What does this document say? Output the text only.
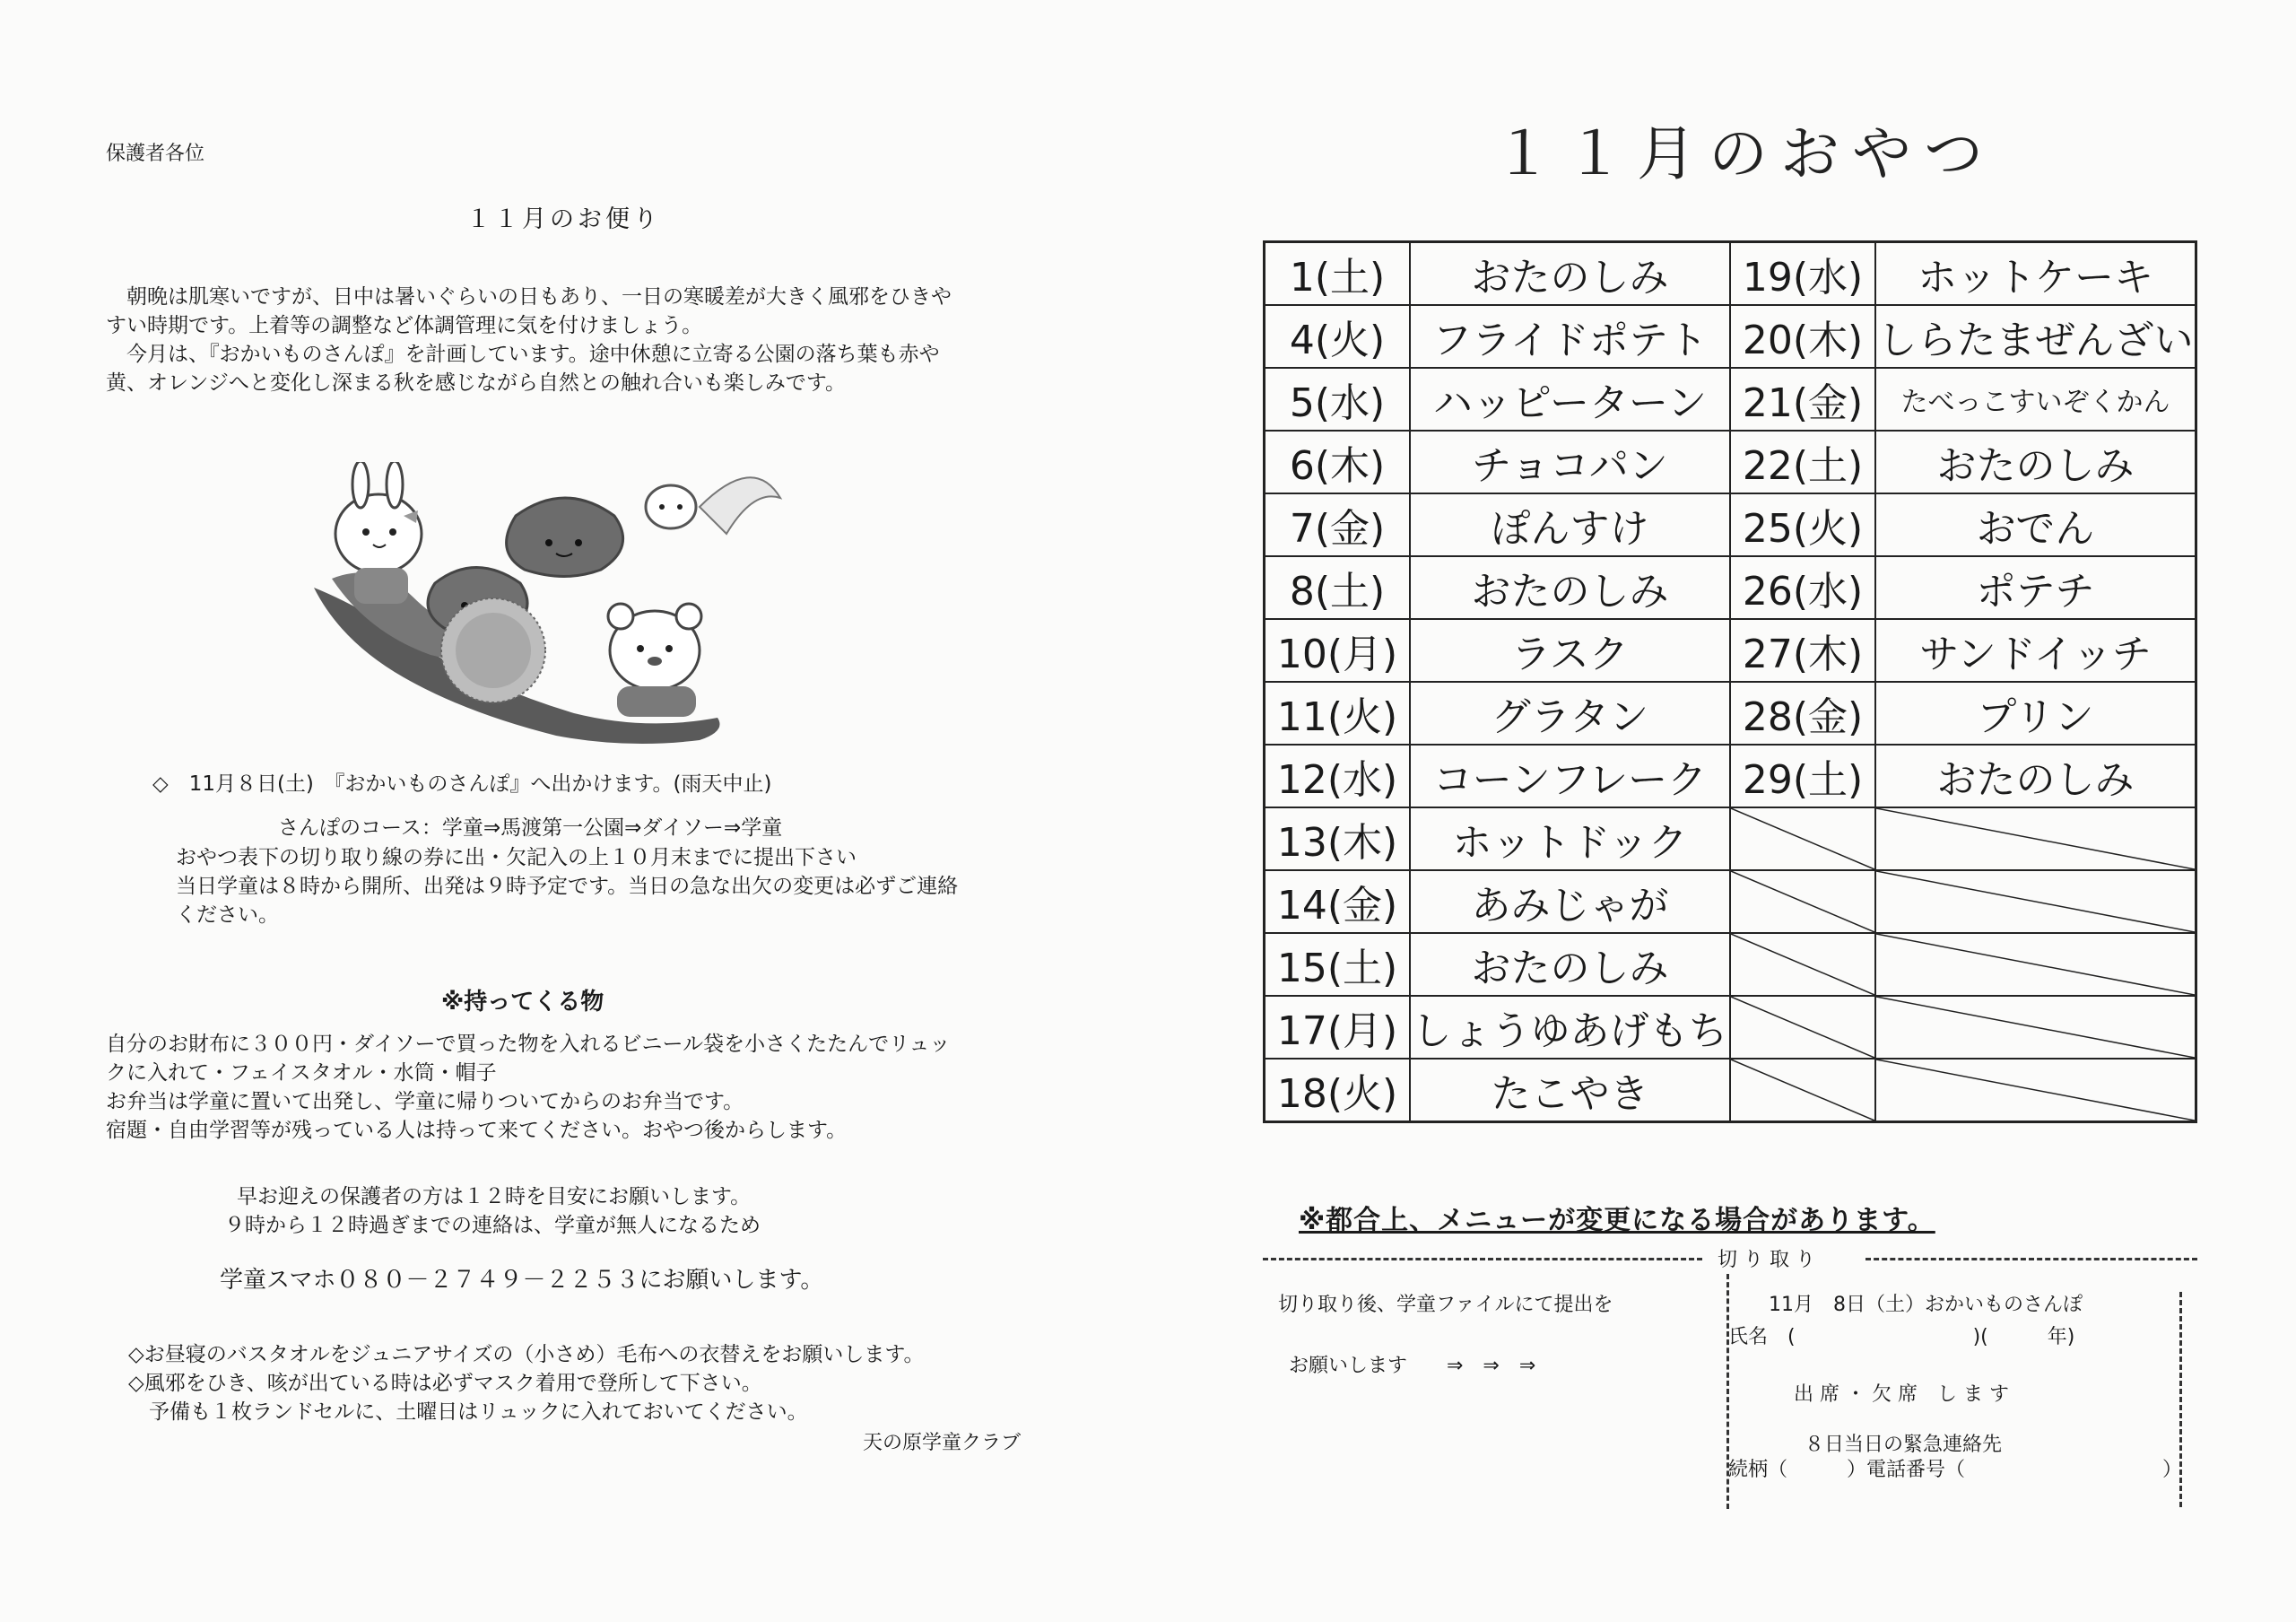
保護者各位
１１月のお便り
　朝晩は肌寒いですが、日中は暑いぐらいの日もあり、一日の寒暖差が大きく風邪をひきや
すい時期です。上着等の調整など体調管理に気を付けましょう。
　今月は、『おかいものさんぽ』を計画しています。途中休憩に立寄る公園の落ち葉も赤や
黄、オレンジへと変化し深まる秋を感じながら自然との触れ合いも楽しみです。
◇　11月８日(土)　『おかいものさんぽ』へ出かけます。(雨天中止)
さんぽのコース：学童⇒馬渡第一公園⇒ダイソー⇒学童
おやつ表下の切り取り線の券に出・欠記入の上１０月末までに提出下さい
当日学童は８時から開所、出発は９時予定です。当日の急な出欠の変更は必ずご連絡
ください。
※持ってくる物
自分のお財布に３００円・ダイソーで買った物を入れるビニール袋を小さくたたんでリュッ
クに入れて・フェイスタオル・水筒・帽子
お弁当は学童に置いて出発し、学童に帰りついてからのお弁当です。
宿題・自由学習等が残っている人は持って来てください。おやつ後からします。
早お迎えの保護者の方は１２時を目安にお願いします。
９時から１２時過ぎまでの連絡は、学童が無人になるため
学童スマホ０８０－２７４９－２２５３にお願いします。
◇お昼寝のバスタオルをジュニアサイズの（小さめ）毛布への衣替えをお願いします。
◇風邪をひき、咳が出ている時は必ずマスク着用で登所して下さい。
　予備も１枚ランドセルに、土曜日はリュックに入れておいてください。
天の原学童クラブ
１１月のおやつ
1(土)	おたのしみ	19(水)	ホットケーキ
4(火)	フライドポテト	20(木)	しらたまぜんざい
5(水)	ハッピーターン	21(金)	たべっこすいぞくかん
6(木)	チョコパン	22(土)	おたのしみ
7(金)	ぽんすけ	25(火)	おでん
8(土)	おたのしみ	26(水)	ポテチ
10(月)	ラスク	27(木)	サンドイッチ
11(火)	グラタン	28(金)	プリン
12(水)	コーンフレーク	29(土)	おたのしみ
13(木)	ホットドック	

14(金)	あみじゃが	

15(土)	おたのしみ	

17(月)	しょうゆあげもち	

18(火)	たこやき	

※都合上、メニューが変更になる場合があります。
切 り 取 り
切り取り後、学童ファイルにて提出を
お願いします　　⇒　⇒　⇒
11月　8日（土）おかいものさんぽ
氏名　(　　　　　　　　　)(　　　年)
出 席 ・ 欠 席　し ま す
８日当日の緊急連絡先
続柄（　　　）電話番号（　　　　　　　　　　）
